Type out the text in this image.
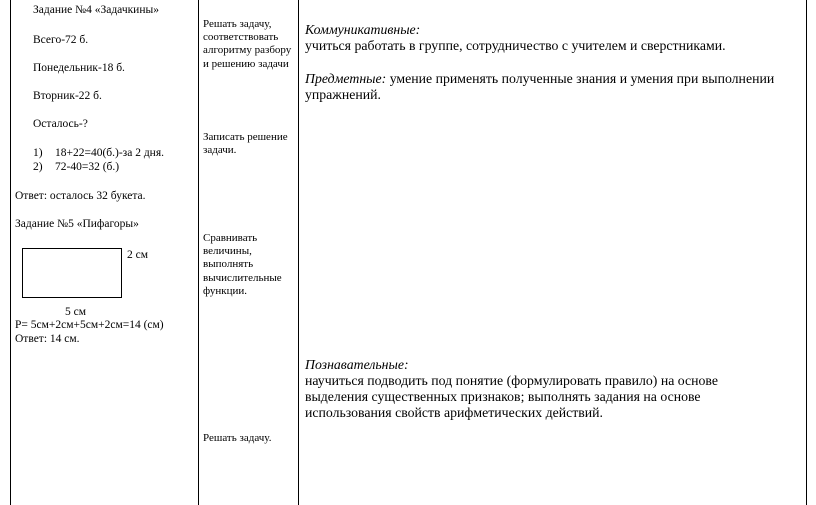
Задание №4 «Задачкины»
Всего-72 б.
Понедельник-18 б.
Вторник-22 б.
Осталось-?
1) 18+22=40(б.)-за 2 дня.
2) 72-40=32 (б.)
Ответ: осталось 32 букета.
Задание №5 «Пифагоры»
2 см
5 см
Р= 5см+2см+5см+2см=14 (см)
Ответ: 14 см.
Решать задачу, соответствовать алгоритму разбору и решению задачи
Записать решение задачи.
Сравнивать величины, выполнять вычислительные функции.
Решать задачу.
Коммуникативные:
учиться работать в группе, сотрудничество с учителем и сверстниками.
Предметные: умение применять полученные знания и умения при выполнении упражнений.
Познавательные:
научиться подводить под понятие (формулировать правило) на основе выделения существенных признаков; выполнять задания на основе использования свойств арифметических действий.
